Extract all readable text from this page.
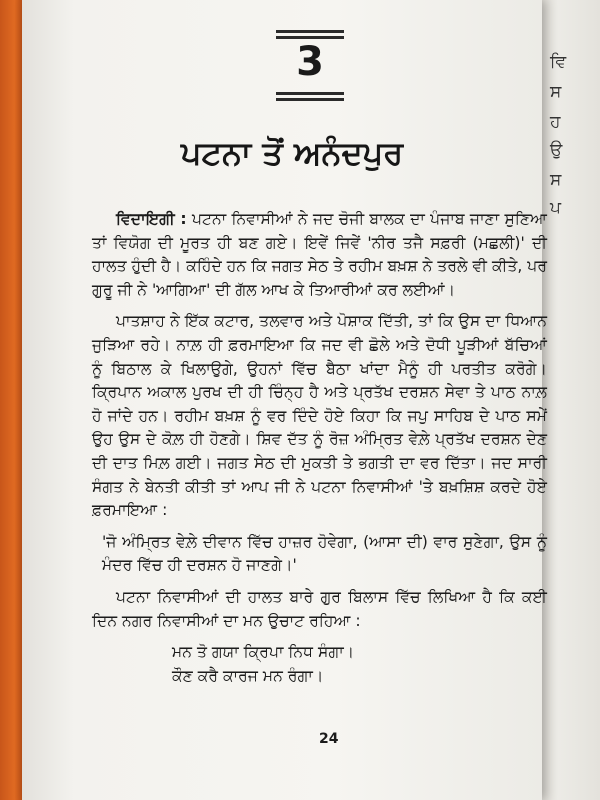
ਵਿ
ਸ
ਹ
ਉ
ਸ
ਪ
3
ਪਟਨਾ ਤੋਂ ਅਨੰਦਪੁਰ

ਵਿਦਾਇਗੀ : ਪਟਨਾ ਨਿਵਾਸੀਆਂ ਨੇ ਜਦ ਚੋਜੀ ਬਾਲਕ ਦਾ ਪੰਜਾਬ ਜਾਣਾ ਸੁਣਿਆ ਤਾਂ ਵਿਯੋਗ ਦੀ ਮੂਰਤ ਹੀ ਬਣ ਗਏ। ਇਵੇਂ ਜਿਵੇਂ 'ਨੀਰ ਤਜੈ ਸਫ਼ਰੀ (ਮਛਲੀ)' ਦੀ ਹਾਲਤ ਹੁੰਦੀ ਹੈ। ਕਹਿੰਦੇ ਹਨ ਕਿ ਜਗਤ ਸੇਠ ਤੇ ਰਹੀਮ ਬਖ਼ਸ਼ ਨੇ ਤਰਲੇ ਵੀ ਕੀਤੇ, ਪਰ ਗੁਰੂ ਜੀ ਨੇ 'ਆਗਿਆ' ਦੀ ਗੱਲ ਆਖ ਕੇ ਤਿਆਰੀਆਂ ਕਰ ਲਈਆਂ।

ਪਾਤਸ਼ਾਹ ਨੇ ਇੱਕ ਕਟਾਰ, ਤਲਵਾਰ ਅਤੇ ਪੋਸ਼ਾਕ ਦਿੱਤੀ, ਤਾਂ ਕਿ ਉਸ ਦਾ ਧਿਆਨ ਜੁੜਿਆ ਰਹੇ। ਨਾਲ਼ ਹੀ ਫ਼ਰਮਾਇਆ ਕਿ ਜਦ ਵੀ ਛੋਲੇ ਅਤੇ ਦੋਧੀ ਪੂੜੀਆਂ ਬੱਚਿਆਂ ਨੂੰ ਬਿਠਾਲ ਕੇ ਖਿਲਾਉਗੇ, ਉਹਨਾਂ ਵਿੱਚ ਬੈਠਾ ਖਾਂਦਾ ਮੈਨੂੰ ਹੀ ਪਰਤੀਤ ਕਰੋਗੇ। ਕ੍ਰਿਪਾਨ ਅਕਾਲ ਪੁਰਖ ਦੀ ਹੀ ਚਿੰਨ੍ਹ ਹੈ ਅਤੇ ਪ੍ਰਤੱਖ ਦਰਸ਼ਨ ਸੇਵਾ ਤੇ ਪਾਠ ਨਾਲ਼ ਹੋ ਜਾਂਦੇ ਹਨ। ਰਹੀਮ ਬਖ਼ਸ਼ ਨੂੰ ਵਰ ਦਿੰਦੇ ਹੋਏ ਕਿਹਾ ਕਿ ਜਪੁ ਸਾਹਿਬ ਦੇ ਪਾਠ ਸਮੇਂ ਉਹ ਉਸ ਦੇ ਕੋਲ਼ ਹੀ ਹੋਣਗੇ। ਸ਼ਿਵ ਦੱਤ ਨੂੰ ਰੋਜ਼ ਅੰਮ੍ਰਿਤ ਵੇਲ਼ੇ ਪ੍ਰਤੱਖ ਦਰਸ਼ਨ ਦੇਣ ਦੀ ਦਾਤ ਮਿਲ਼ ਗਈ। ਜਗਤ ਸੇਠ ਦੀ ਮੁਕਤੀ ਤੇ ਭਗਤੀ ਦਾ ਵਰ ਦਿੱਤਾ। ਜਦ ਸਾਰੀ ਸੰਗਤ ਨੇ ਬੇਨਤੀ ਕੀਤੀ ਤਾਂ ਆਪ ਜੀ ਨੇ ਪਟਨਾ ਨਿਵਾਸੀਆਂ 'ਤੇ ਬਖ਼ਸ਼ਿਸ਼ ਕਰਦੇ ਹੋਏ ਫ਼ਰਮਾਇਆ :

'ਜੋ ਅੰਮ੍ਰਿਤ ਵੇਲ਼ੇ ਦੀਵਾਨ ਵਿੱਚ ਹਾਜ਼ਰ ਹੋਵੇਗਾ, (ਆਸਾ ਦੀ) ਵਾਰ ਸੁਣੇਗਾ, ਉਸ ਨੂੰ ਮੰਦਰ ਵਿੱਚ ਹੀ ਦਰਸ਼ਨ ਹੋ ਜਾਣਗੇ।'

ਪਟਨਾ ਨਿਵਾਸੀਆਂ ਦੀ ਹਾਲਤ ਬਾਰੇ ਗੁਰ ਬਿਲਾਸ ਵਿੱਚ ਲਿਖਿਆ ਹੈ ਕਿ ਕਈ ਦਿਨ ਨਗਰ ਨਿਵਾਸੀਆਂ ਦਾ ਮਨ ਉਚਾਟ ਰਹਿਆ :

ਮਨ ਤੋ ਗਯਾ ਕ੍ਰਿਪਾ ਨਿਧ ਸੰਗਾ।

ਕੌਣ ਕਰੈ ਕਾਰਜ ਮਨ ਰੰਗਾ।

24
